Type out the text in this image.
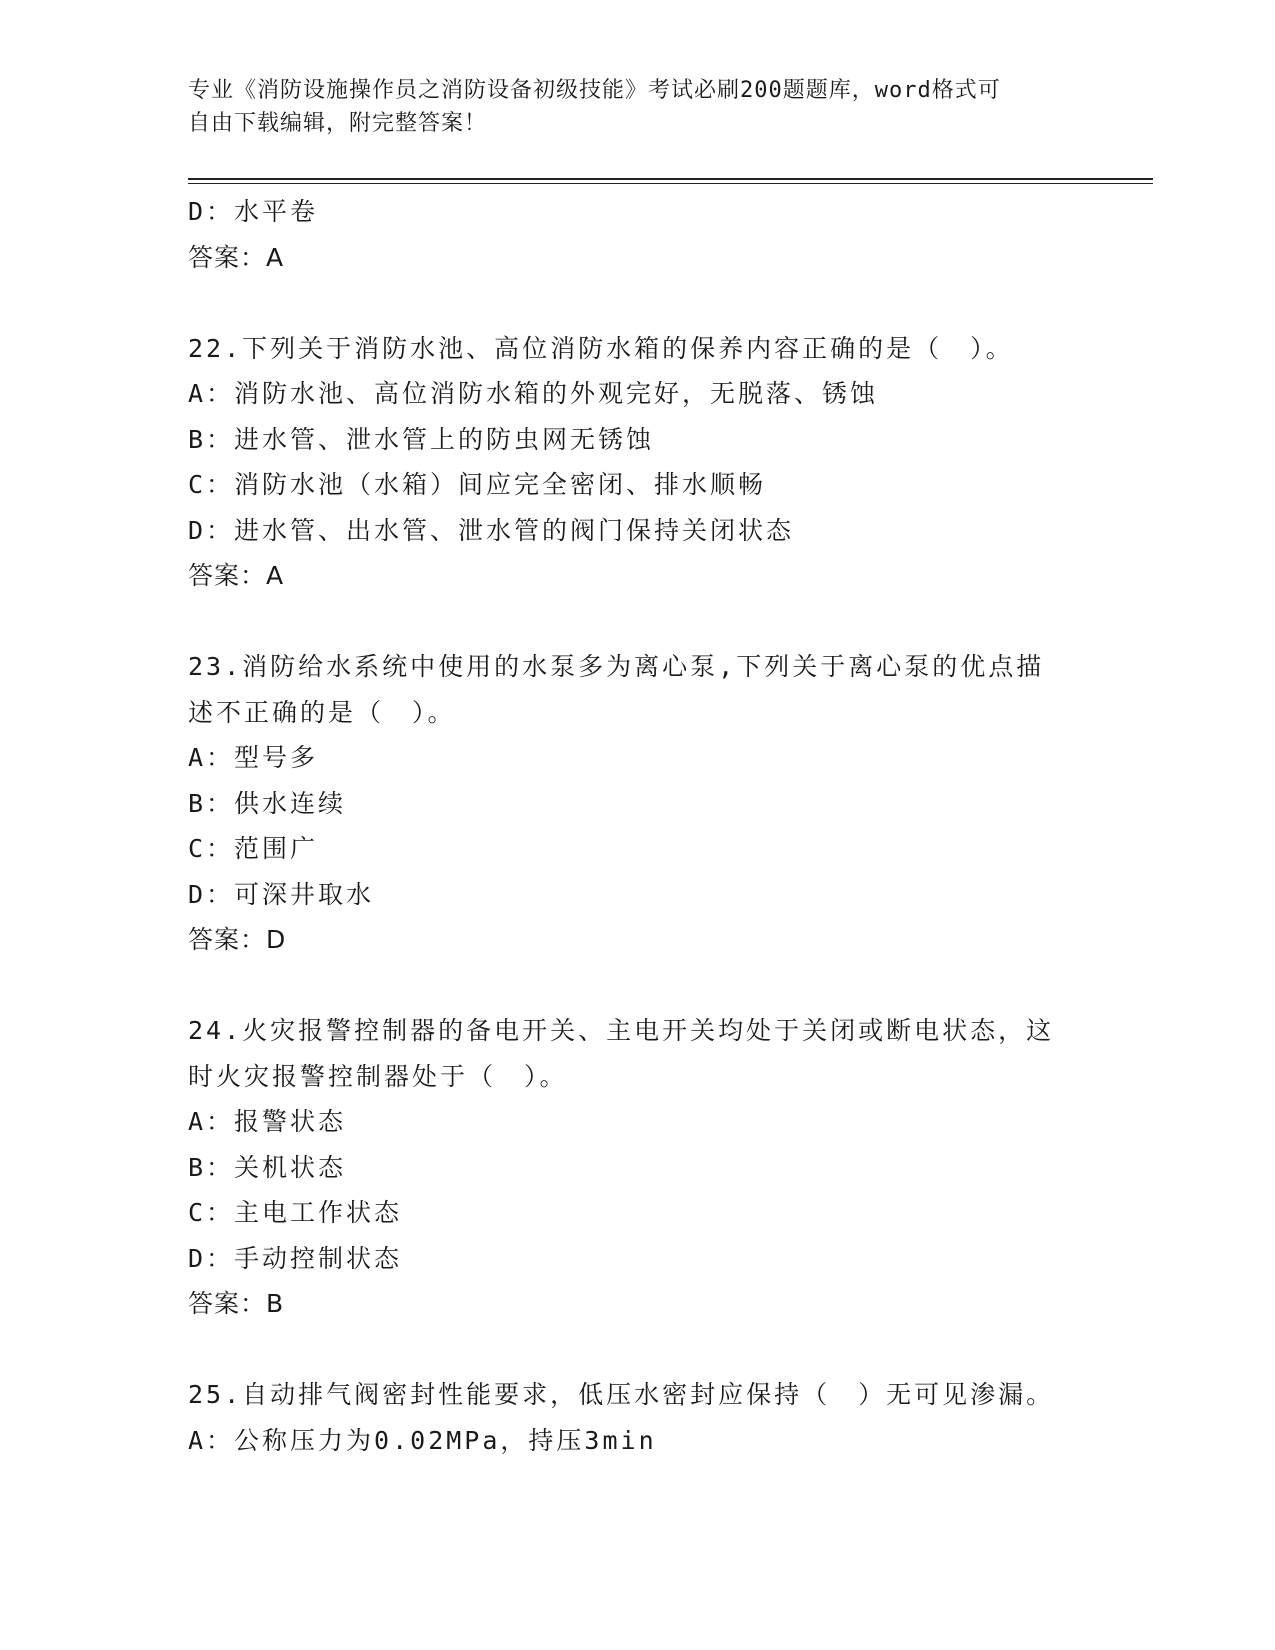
专业《消防设施操作员之消防设备初级技能》考试必刷200题题库，word格式可
自由下载编辑，附完整答案！
D：水平卷
答案：A
22.下列关于消防水池、高位消防水箱的保养内容正确的是（　）。
A：消防水池、高位消防水箱的外观完好，无脱落、锈蚀
B：进水管、泄水管上的防虫网无锈蚀
C：消防水池（水箱）间应完全密闭、排水顺畅
D：进水管、出水管、泄水管的阀门保持关闭状态
答案：A
23.消防给水系统中使用的水泵多为离心泵,下列关于离心泵的优点描
述不正确的是（　）。
A：型号多
B：供水连续
C：范围广
D：可深井取水
答案：D
24.火灾报警控制器的备电开关、主电开关均处于关闭或断电状态，这
时火灾报警控制器处于（　）。
A：报警状态
B：关机状态
C：主电工作状态
D：手动控制状态
答案：B
25.自动排气阀密封性能要求，低压水密封应保持（　）无可见渗漏。
A：公称压力为0.02MPa，持压3min
